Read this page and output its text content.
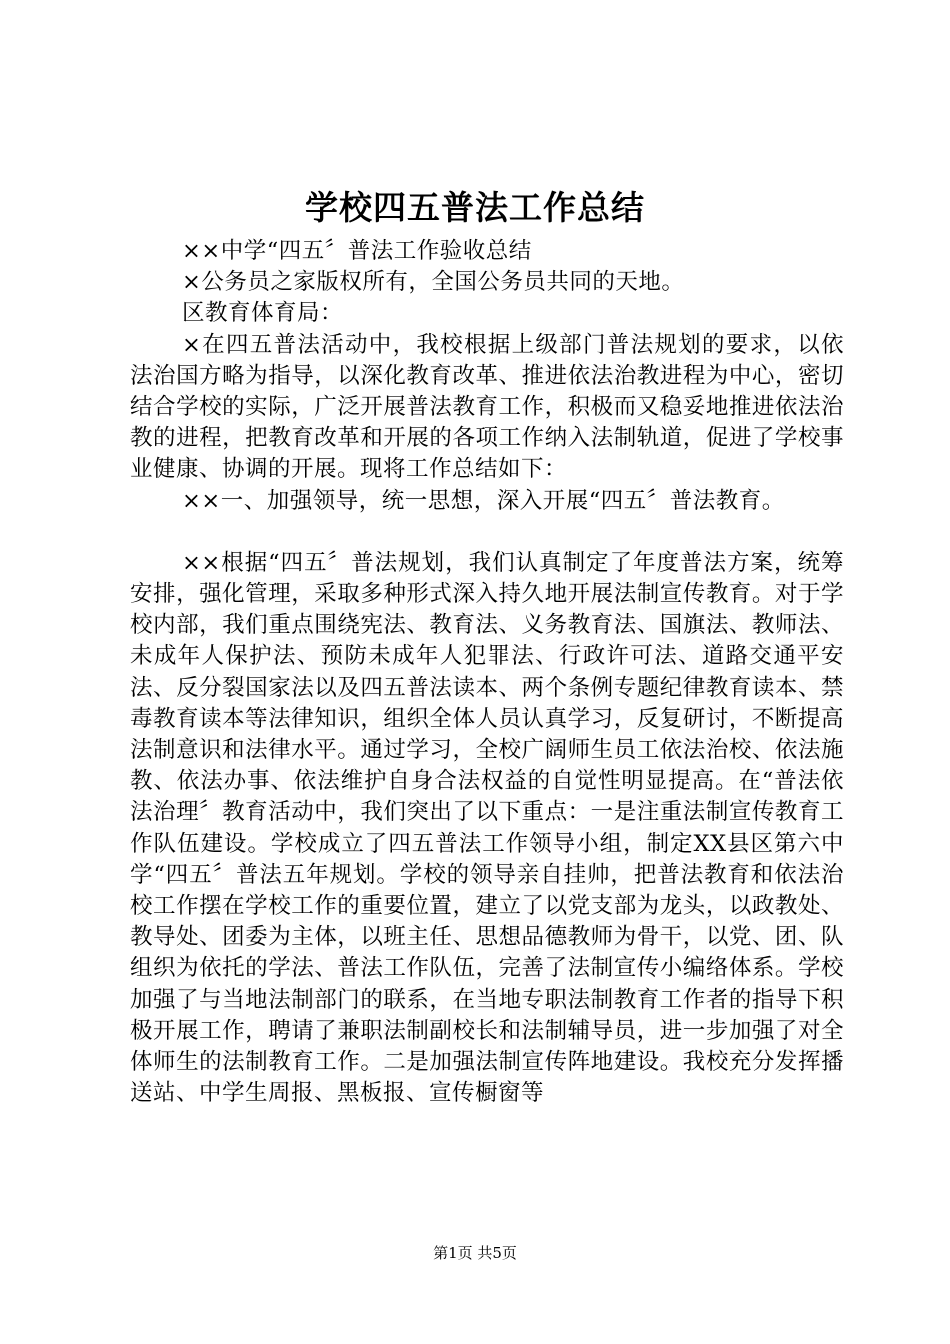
学校四五普法工作总结

××中学“四五〞普法工作验收总结

×公务员之家版权所有，全国公务员共同的天地。

区教育体育局：

×在四五普法活动中，我校根据上级部门普法规划的要求，以依法治国方略为指导，以深化教育改革、推进依法治教进程为中心，密切结合学校的实际，广泛开展普法教育工作，积极而又稳妥地推进依法治教的进程，把教育改革和开展的各项工作纳入法制轨道，促进了学校事业健康、协调的开展。现将工作总结如下：

××一、加强领导，统一思想，深入开展“四五〞普法教育。

××根据“四五〞普法规划，我们认真制定了年度普法方案，统筹安排，强化管理，采取多种形式深入持久地开展法制宣传教育。对于学校内部，我们重点围绕宪法、教育法、义务教育法、国旗法、教师法、未成年人保护法、预防未成年人犯罪法、行政许可法、道路交通平安法、反分裂国家法以及四五普法读本、两个条例专题纪律教育读本、禁毒教育读本等法律知识，组织全体人员认真学习，反复研讨，不断提高法制意识和法律水平。通过学习，全校广阔师生员工依法治校、依法施教、依法办事、依法维护自身合法权益的自觉性明显提高。在“普法依法治理〞教育活动中，我们突出了以下重点：一是注重法制宣传教育工作队伍建设。学校成立了四五普法工作领导小组，制定XX县区第六中学“四五〞普法五年规划。学校的领导亲自挂帅，把普法教育和依法治校工作摆在学校工作的重要位置，建立了以党支部为龙头，以政教处、教导处、团委为主体，以班主任、思想品德教师为骨干，以党、团、队组织为依托的学法、普法工作队伍，完善了法制宣传小编络体系。学校加强了与当地法制部门的联系，在当地专职法制教育工作者的指导下积极开展工作，聘请了兼职法制副校长和法制辅导员，进一步加强了对全体师生的法制教育工作。二是加强法制宣传阵地建设。我校充分发挥播送站、中学生周报、黑板报、宣传橱窗等

第1页 共5页
